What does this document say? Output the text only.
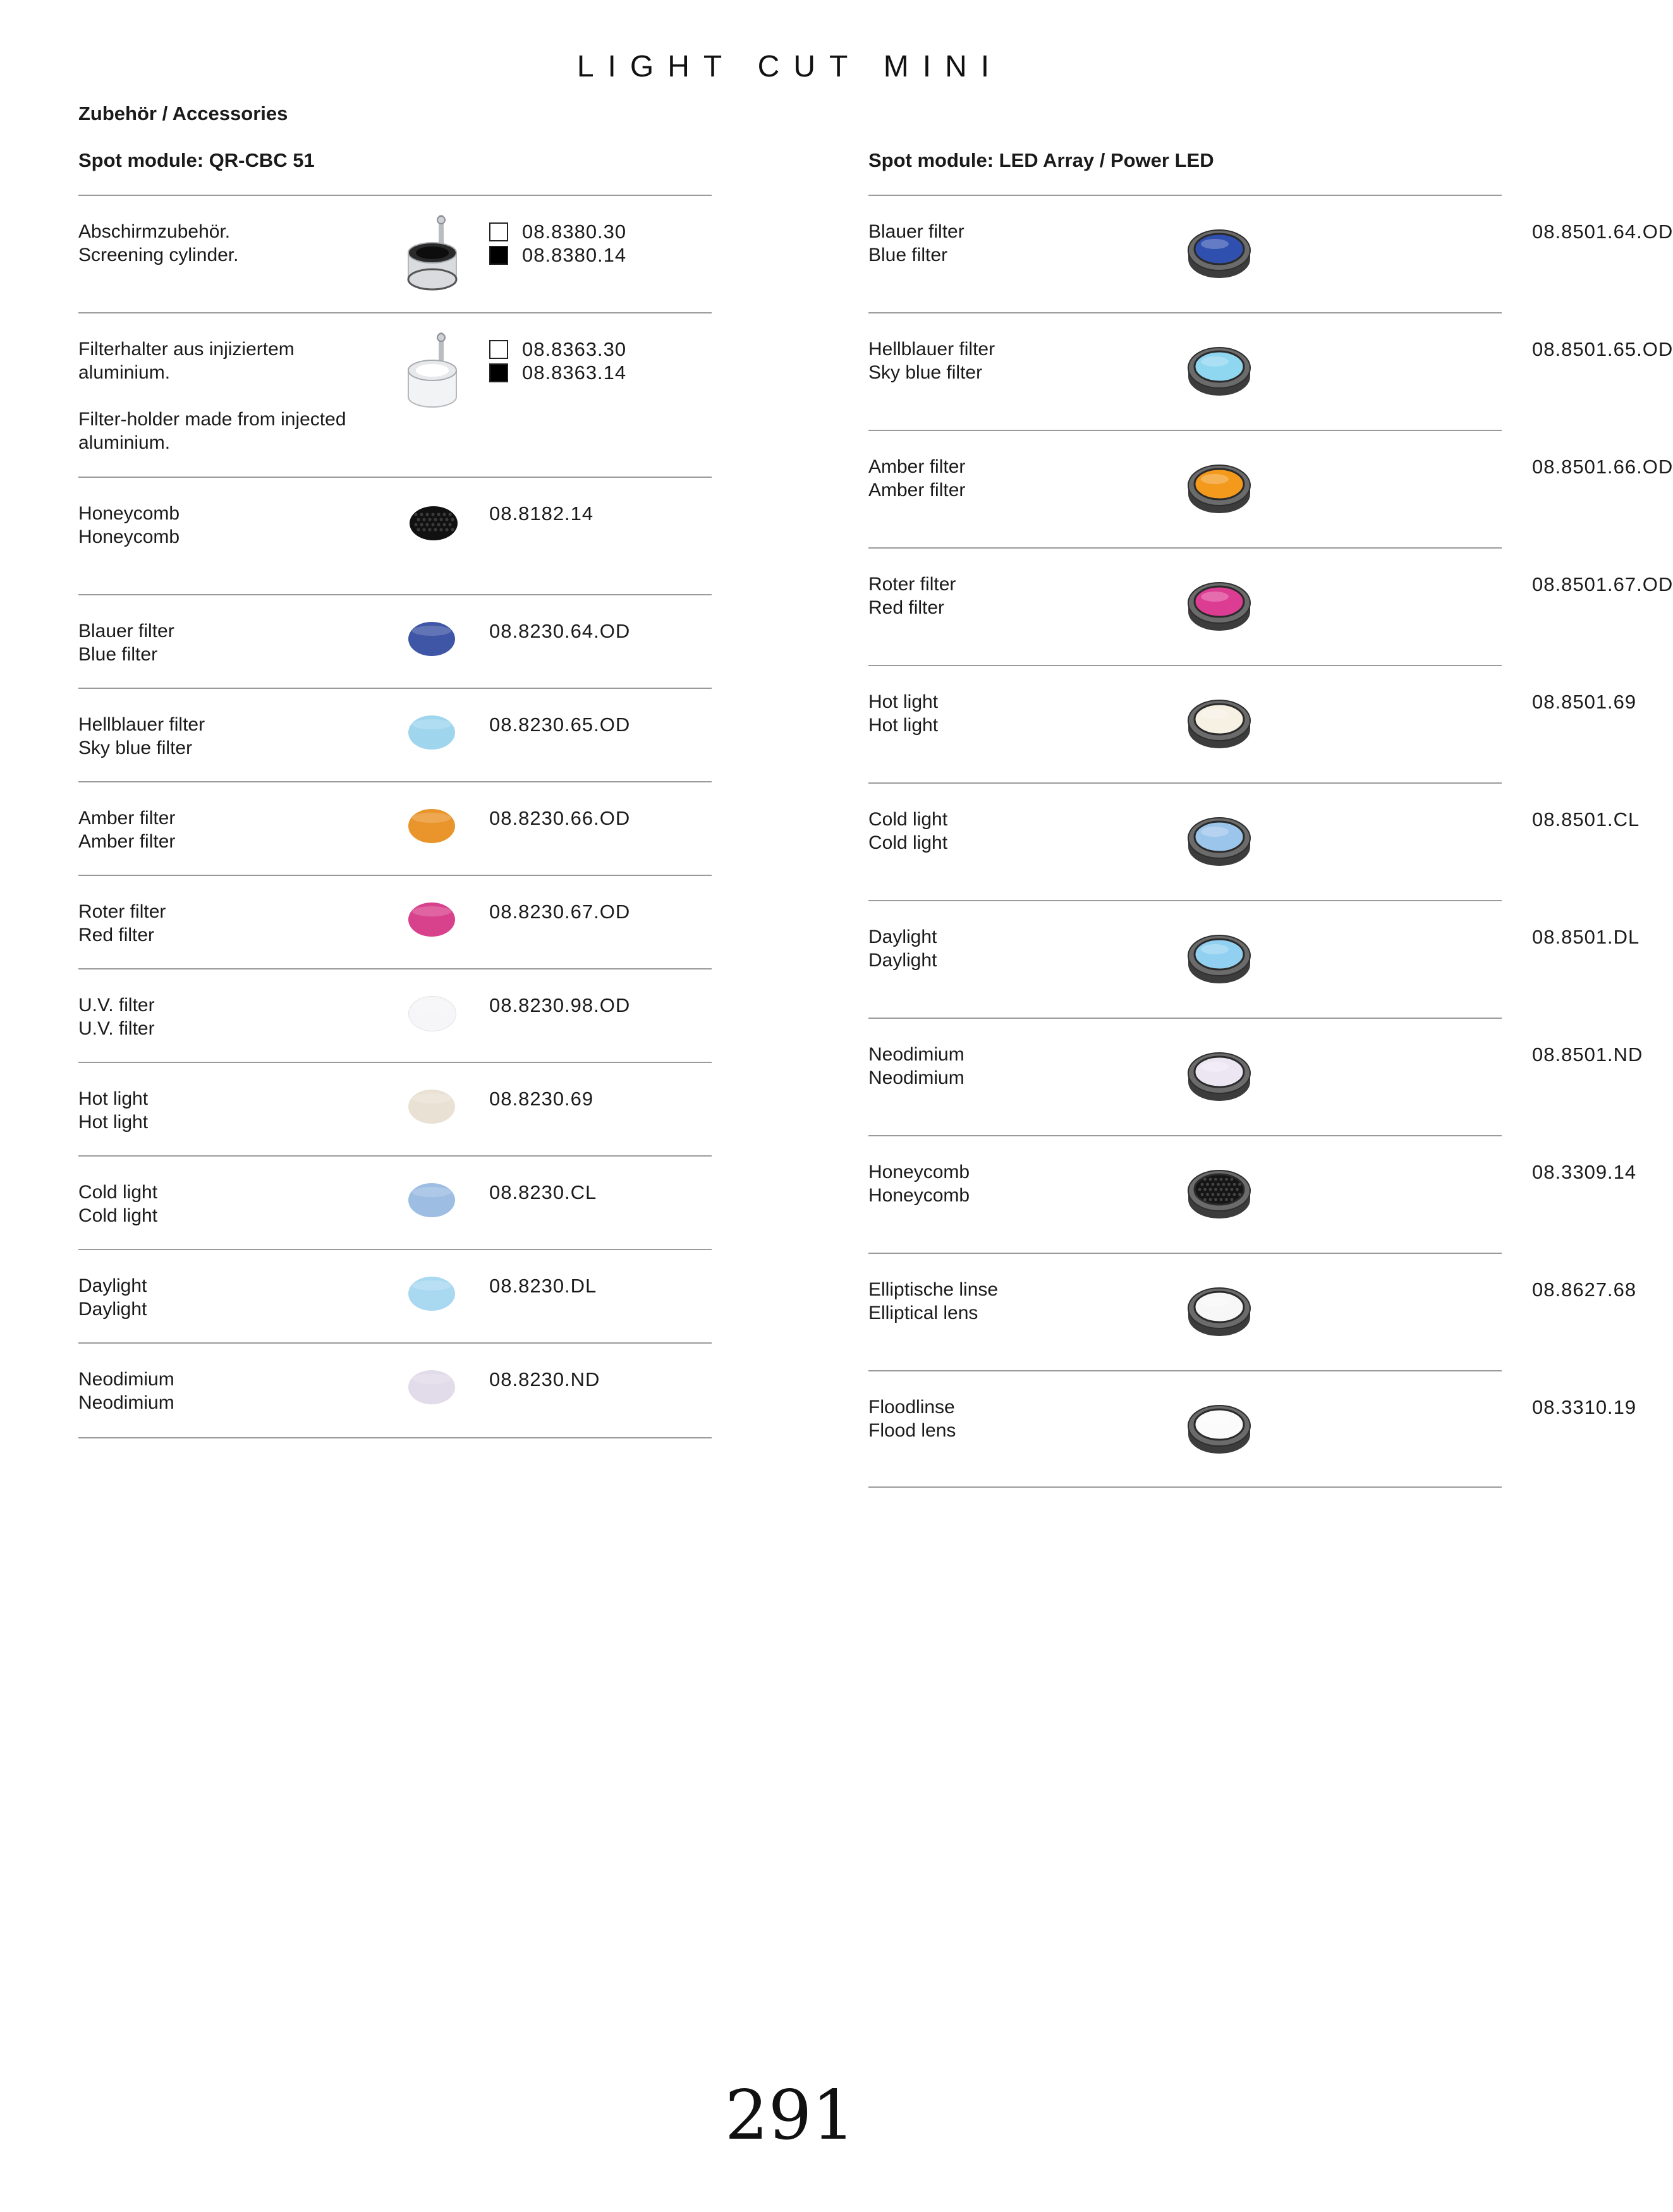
LIGHT CUT MINI
Zubehör / Accessories
Spot module: QR-CBC 51	Spot module: LED Array / Power LED
Abschirmzubehör.
Screening cylinder.
08.8380.30
08.8380.14
Filterhalter aus injiziertem
aluminium.
Filter-holder made from injected
aluminium.
08.8363.30
08.8363.14
Honeycomb
Honeycomb
08.8182.14
Blauer filter
Blue filter
08.8230.64.OD
Hellblauer filter
Sky blue filter
08.8230.65.OD
Amber filter
Amber filter
08.8230.66.OD
Roter filter
Red filter
08.8230.67.OD
U.V. filter
U.V. filter
08.8230.98.OD
Hot light
Hot light
08.8230.69
Cold light
Cold light
08.8230.CL
Daylight
Daylight
08.8230.DL
Neodimium
Neodimium
08.8230.ND
Blauer filter
Blue filter
08.8501.64.OD
Hellblauer filter
Sky blue filter
08.8501.65.OD
Amber filter
Amber filter
08.8501.66.OD
Roter filter
Red filter
08.8501.67.OD
Hot light
Hot light
08.8501.69
Cold light
Cold light
08.8501.CL
Daylight
Daylight
08.8501.DL
Neodimium
Neodimium
08.8501.ND
Honeycomb
Honeycomb
08.3309.14
Elliptische linse
Elliptical lens
08.8627.68
Floodlinse
Flood lens
08.3310.19
291
